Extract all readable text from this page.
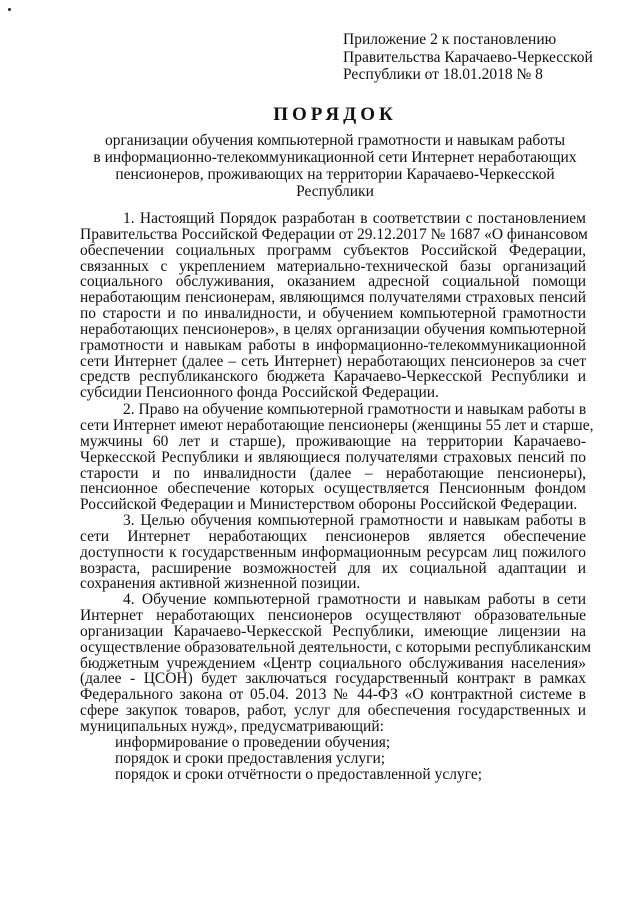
Приложение 2 к постановлению
Правительства Карачаево-Черкесской
Республики от 18.01.2018 № 8
ПОРЯДОК
организации обучения компьютерной грамотности и навыкам работы
в информационно-телекоммуникационной сети Интернет неработающих
пенсионеров, проживающих на территории Карачаево-Черкесской
Республики
1. Настоящий Порядок разработан в соответствии с постановлением
Правительства Российской Федерации от 29.12.2017 № 1687 «О финансовом
обеспечении социальных программ субъектов Российской Федерации,
связанных с укреплением материально-технической базы организаций
социального обслуживания, оказанием адресной социальной помощи
неработающим пенсионерам, являющимся получателями страховых пенсий
по старости и по инвалидности, и обучением компьютерной грамотности
неработающих пенсионеров», в целях организации обучения компьютерной
грамотности и навыкам работы в информационно-телекоммуникационной
сети Интернет (далее – сеть Интернет) неработающих пенсионеров за счет
средств республиканского бюджета Карачаево-Черкесской Республики и
субсидии Пенсионного фонда Российской Федерации.
2. Право на обучение компьютерной грамотности и навыкам работы в
сети Интернет имеют неработающие пенсионеры (женщины 55 лет и старше,
мужчины 60 лет и старше), проживающие на территории Карачаево-
Черкесской Республики и являющиеся получателями страховых пенсий по
старости и по инвалидности (далее – неработающие пенсионеры),
пенсионное обеспечение которых осуществляется Пенсионным фондом
Российской Федерации и Министерством обороны Российской Федерации.
3. Целью обучения компьютерной грамотности и навыкам работы в
сети Интернет неработающих пенсионеров является обеспечение
доступности к государственным информационным ресурсам лиц пожилого
возраста, расширение возможностей для их социальной адаптации и
сохранения активной жизненной позиции.
4. Обучение компьютерной грамотности и навыкам работы в сети
Интернет неработающих пенсионеров осуществляют образовательные
организации Карачаево-Черкесской Республики, имеющие лицензии на
осуществление образовательной деятельности, с которыми республиканским
бюджетным учреждением «Центр социального обслуживания населения»
(далее - ЦСОН) будет заключаться государственный контракт в рамках
Федерального закона от 05.04. 2013 № 44-ФЗ «О контрактной системе в
сфере закупок товаров, работ, услуг для обеспечения государственных и
муниципальных нужд», предусматривающий:
информирование о проведении обучения;
порядок и сроки предоставления услуги;
порядок и сроки отчётности о предоставленной услуге;
